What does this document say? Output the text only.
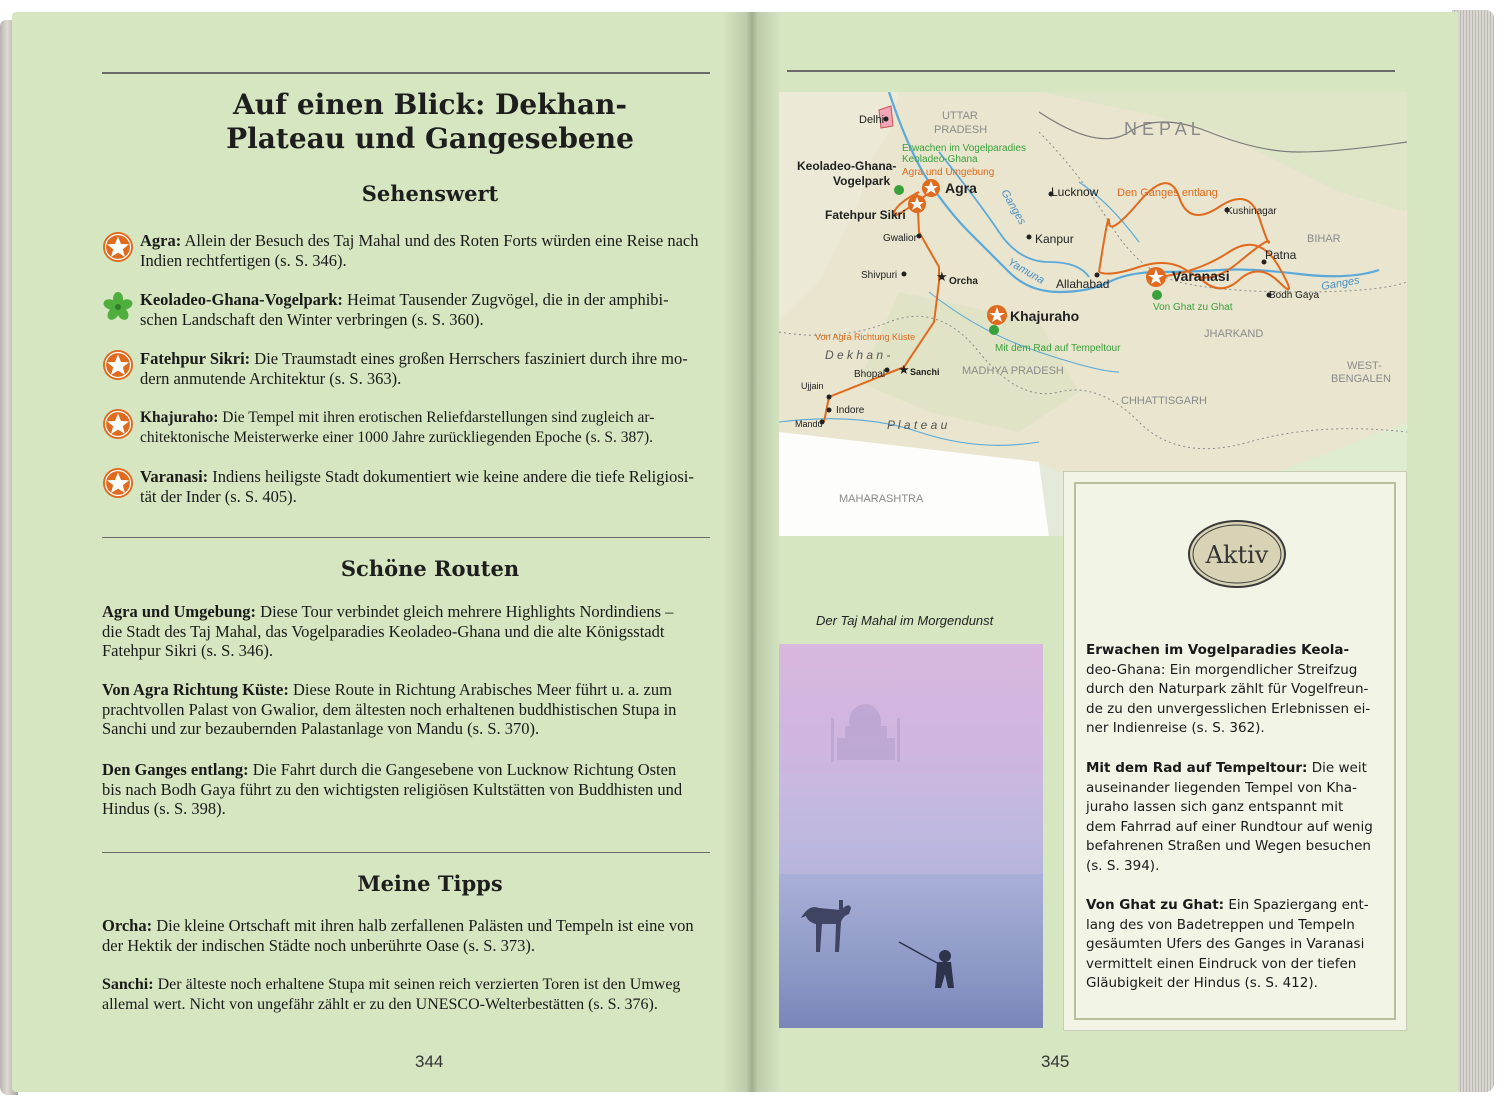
Auf einen Blick: Dekhan-
Plateau und Gangesebene
Sehenswert
Agra: Allein der Besuch des Taj Mahal und des Roten Forts würden eine Reise nach
Indien rechtfertigen (s. S. 346).
Keoladeo-Ghana-Vogelpark: Heimat Tausender Zugvögel, die in der amphibi-
schen Landschaft den Winter verbringen (s. S. 360).
Fatehpur Sikri: Die Traumstadt eines großen Herrschers fasziniert durch ihre mo-
dern anmutende Architektur (s. S. 363).
Khajuraho: Die Tempel mit ihren erotischen Reliefdarstellungen sind zugleich ar-
chitektonische Meisterwerke einer 1000 Jahre zurückliegenden Epoche (s. S. 387).
Varanasi: Indiens heiligste Stadt dokumentiert wie keine andere die tiefe Religiosi-
tät der Inder (s. S. 405).
Schöne Routen
Agra und Umgebung: Diese Tour verbindet gleich mehrere Highlights Nordindiens –
die Stadt des Taj Mahal, das Vogelparadies Keoladeo-Ghana und die alte Königsstadt
Fatehpur Sikri (s. S. 346).
Von Agra Richtung Küste: Diese Route in Richtung Arabisches Meer führt u. a. zum
prachtvollen Palast von Gwalior, dem ältesten noch erhaltenen buddhistischen Stupa in
Sanchi und zur bezaubernden Palastanlage von Mandu (s. S. 370).
Den Ganges entlang: Die Fahrt durch die Gangesebene von Lucknow Richtung Osten
bis nach Bodh Gaya führt zu den wichtigsten religiösen Kultstätten von Buddhisten und
Hindus (s. S. 398).
Meine Tipps
Orcha: Die kleine Ortschaft mit ihren halb zerfallenen Palästen und Tempeln ist eine von
der Hektik der indischen Städte noch unberührte Oase (s. S. 373).
Sanchi: Der älteste noch erhaltene Stupa mit seinen reich verzierten Toren ist den Umweg
allemal wert. Nicht von ungefähr zählt er zu den UNESCO-Welterbestätten (s. S. 376).
344
★
★
Delhi
Keoladeo-Ghana-
Vogelpark	Agra
Fatehpur Sikri
Gwalior
Shivpuri
Orcha
Khajuraho
Bhopal	Sanchi
Ujjain
Indore
Mandu
Lucknow
Kanpur
Allahabad	Varanasi
Kushinagar
Patna
Bodh Gaya
N E P A L
UTTAR
PRADESH
BIHAR
JHARKAND
MADHYA PRADESH
CHHATTISGARH
WEST-
BENGALEN
MAHARASHTRA
D e k h a n -
P l a t e a u
Ganges
Ganges
Yamuna
Erwachen im Vogelparadies
Keoladeo-Ghana
Agra und Umgebung
Den Ganges entlang
Von Ghat zu Ghat
Von Agra Richtung Küste
Mit dem Rad auf Tempeltour
Der Taj Mahal im Morgendunst
Aktiv
Erwachen im Vogelparadies Keola-
deo-Ghana: Ein morgendlicher Streifzug
durch den Naturpark zählt für Vogelfreun-
de zu den unvergesslichen Erlebnissen ei-
ner Indienreise (s. S. 362).
Mit dem Rad auf Tempeltour: Die weit
auseinander liegenden Tempel von Kha-
juraho lassen sich ganz entspannt mit
dem Fahrrad auf einer Rundtour auf wenig
befahrenen Straßen und Wegen besuchen
(s. S. 394).
Von Ghat zu Ghat: Ein Spaziergang ent-
lang des von Badetreppen und Tempeln
gesäumten Ufers des Ganges in Varanasi
vermittelt einen Eindruck von der tiefen
Gläubigkeit der Hindus (s. S. 412).
345
